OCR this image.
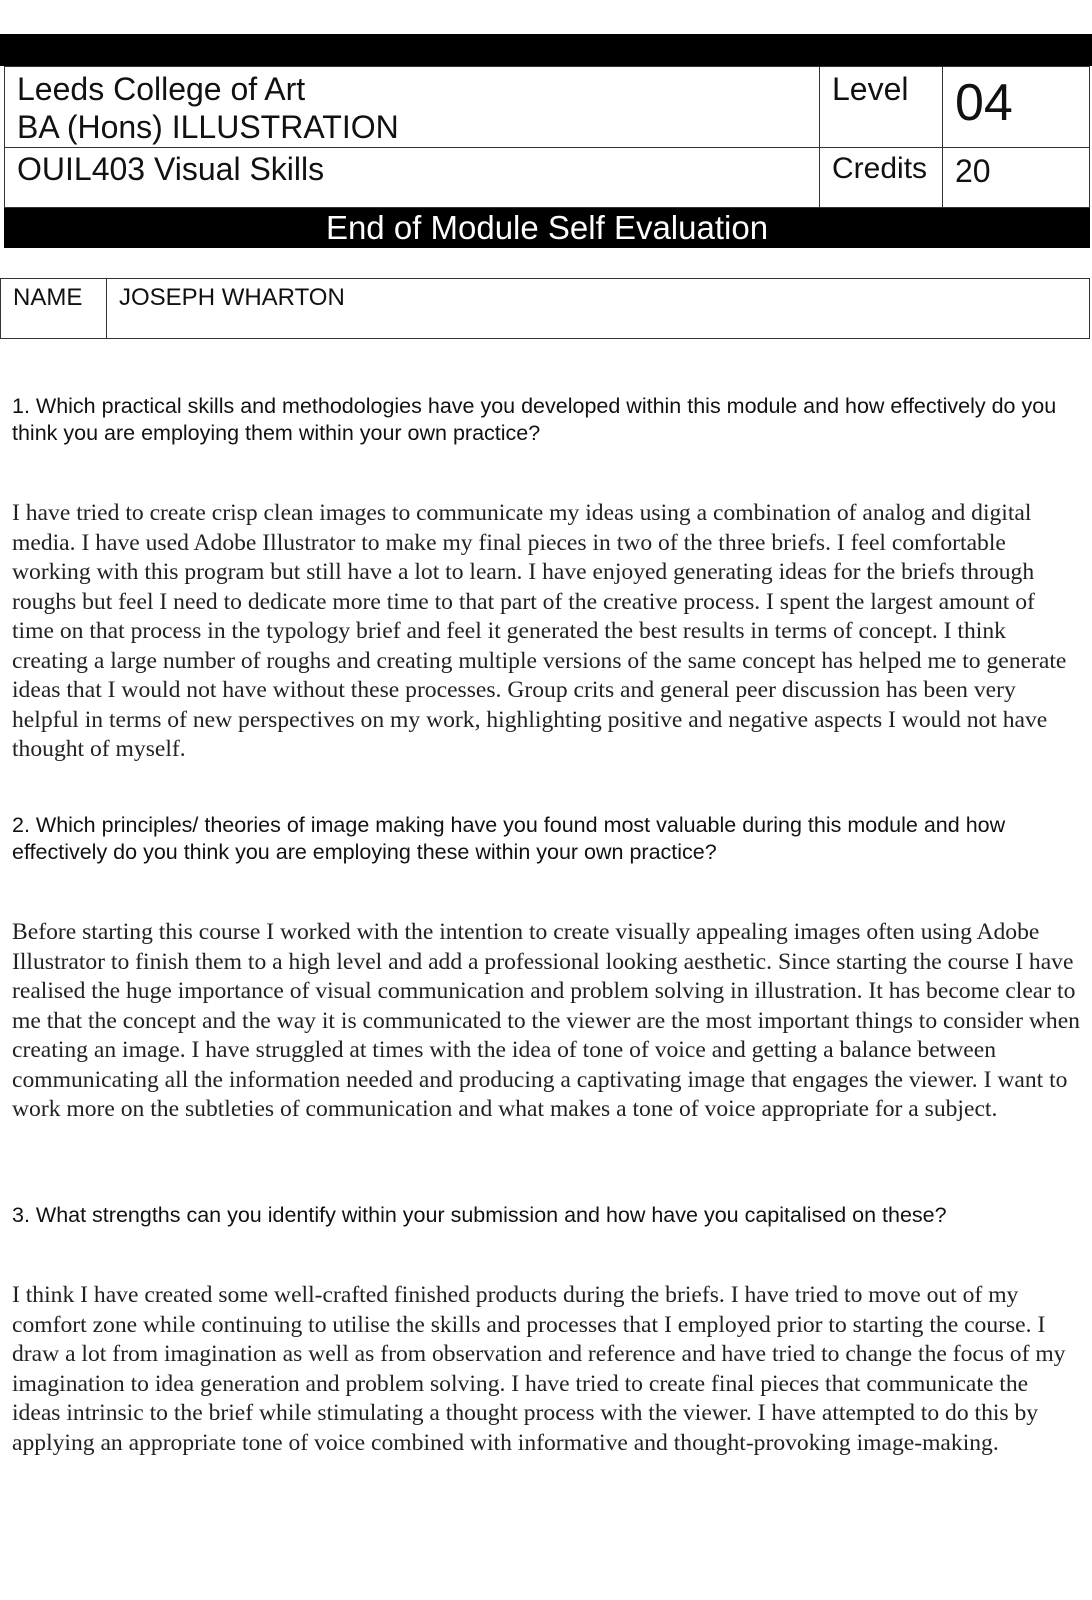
Leeds College of Art
BA (Hons) ILLUSTRATION
Level 04
OUIL403 Visual Skills	Credits 20
End of Module Self Evaluation
NAME	JOSEPH WHARTON

1. Which practical skills and methodologies have you developed within this module and how effectively do you think you are employing them within your own practice?

I have tried to create crisp clean images to communicate my ideas using a combination of analog and digital media. I have used Adobe Illustrator to make my final pieces in two of the three briefs. I feel comfortable working with this program but still have a lot to learn. I have enjoyed generating ideas for the briefs through roughs but feel I need to dedicate more time to that part of the creative process. I spent the largest amount of time on that process in the typology brief and feel it generated the best results in terms of concept. I think creating a large number of roughs and creating multiple versions of the same concept has helped me to generate ideas that I would not have without these processes. Group crits and general peer discussion has been very helpful in terms of new perspectives on my work, highlighting positive and negative aspects I would not have thought of myself.

2. Which principles/ theories of image making have you found most valuable during this module and how effectively do you think you are employing these within your own practice?

Before starting this course I worked with the intention to create visually appealing images often using Adobe Illustrator to finish them to a high level and add a professional looking aesthetic. Since starting the course I have realised the huge importance of visual communication and problem solving in illustration. It has become clear to me that the concept and the way it is communicated to the viewer are the most important things to consider when creating an image. I have struggled at times with the idea of tone of voice and getting a balance between communicating all the information needed and producing a captivating image that engages the viewer. I want to work more on the subtleties of communication and what makes a tone of voice appropriate for a subject.

3. What strengths can you identify within your submission and how have you capitalised on these?

I think I have created some well-crafted finished products during the briefs. I have tried to move out of my comfort zone while continuing to utilise the skills and processes that I employed prior to starting the course. I draw a lot from imagination as well as from observation and reference and have tried to change the focus of my imagination to idea generation and problem solving. I have tried to create final pieces that communicate the ideas intrinsic to the brief while stimulating a thought process with the viewer. I have attempted to do this by applying an appropriate tone of voice combined with informative and thought-provoking image-making.
